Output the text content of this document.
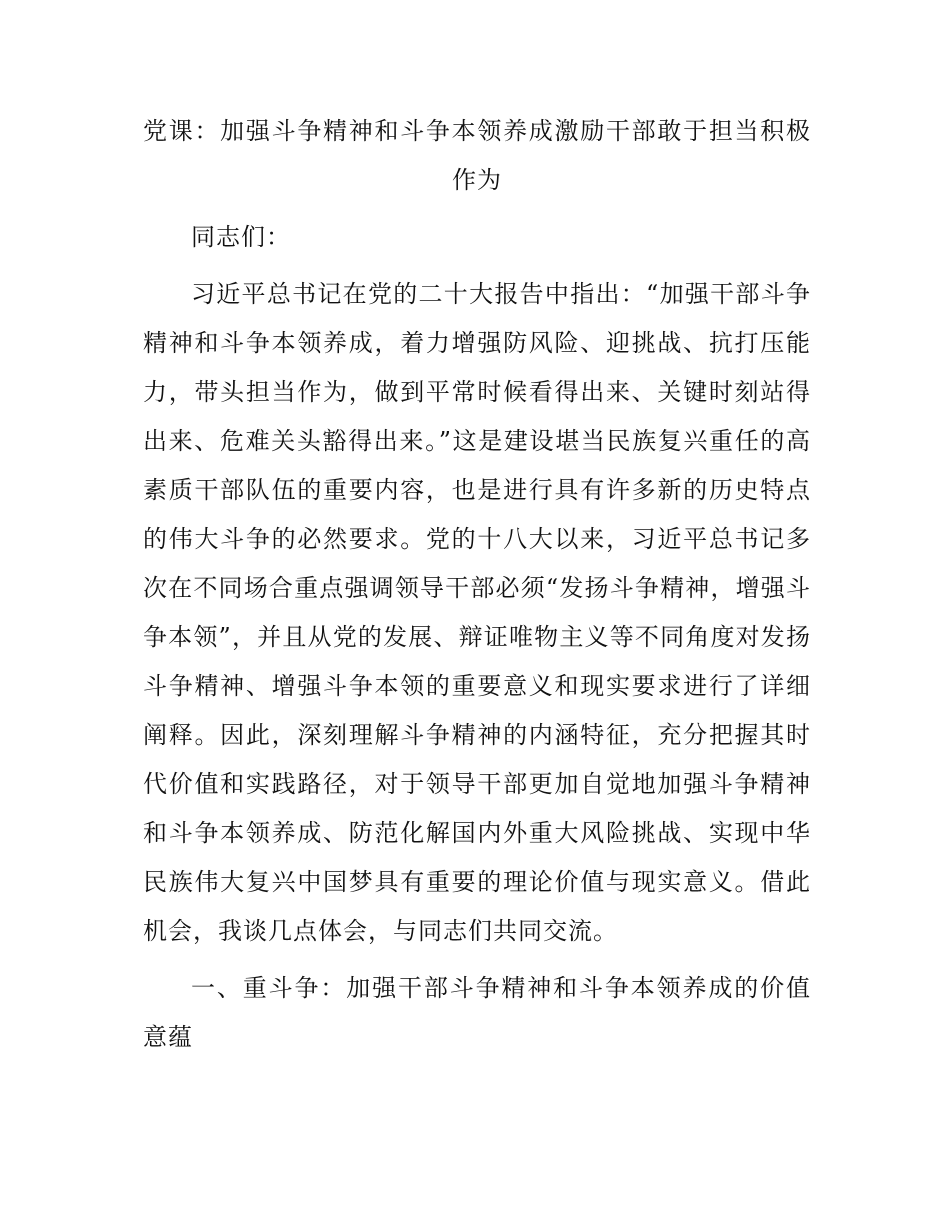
党课：加强斗争精神和斗争本领养成激励干部敢于担当积极作为

同志们：

习近平总书记在党的二十大报告中指出：“加强干部斗争精神和斗争本领养成，着力增强防风险、迎挑战、抗打压能力，带头担当作为，做到平常时候看得出来、关键时刻站得出来、危难关头豁得出来。”这是建设堪当民族复兴重任的高素质干部队伍的重要内容，也是进行具有许多新的历史特点的伟大斗争的必然要求。党的十八大以来，习近平总书记多次在不同场合重点强调领导干部必须“发扬斗争精神，增强斗争本领”，并且从党的发展、辩证唯物主义等不同角度对发扬斗争精神、增强斗争本领的重要意义和现实要求进行了详细阐释。因此，深刻理解斗争精神的内涵特征，充分把握其时代价值和实践路径，对于领导干部更加自觉地加强斗争精神和斗争本领养成、防范化解国内外重大风险挑战、实现中华民族伟大复兴中国梦具有重要的理论价值与现实意义。借此机会，我谈几点体会，与同志们共同交流。

一、重斗争：加强干部斗争精神和斗争本领养成的价值意蕴
